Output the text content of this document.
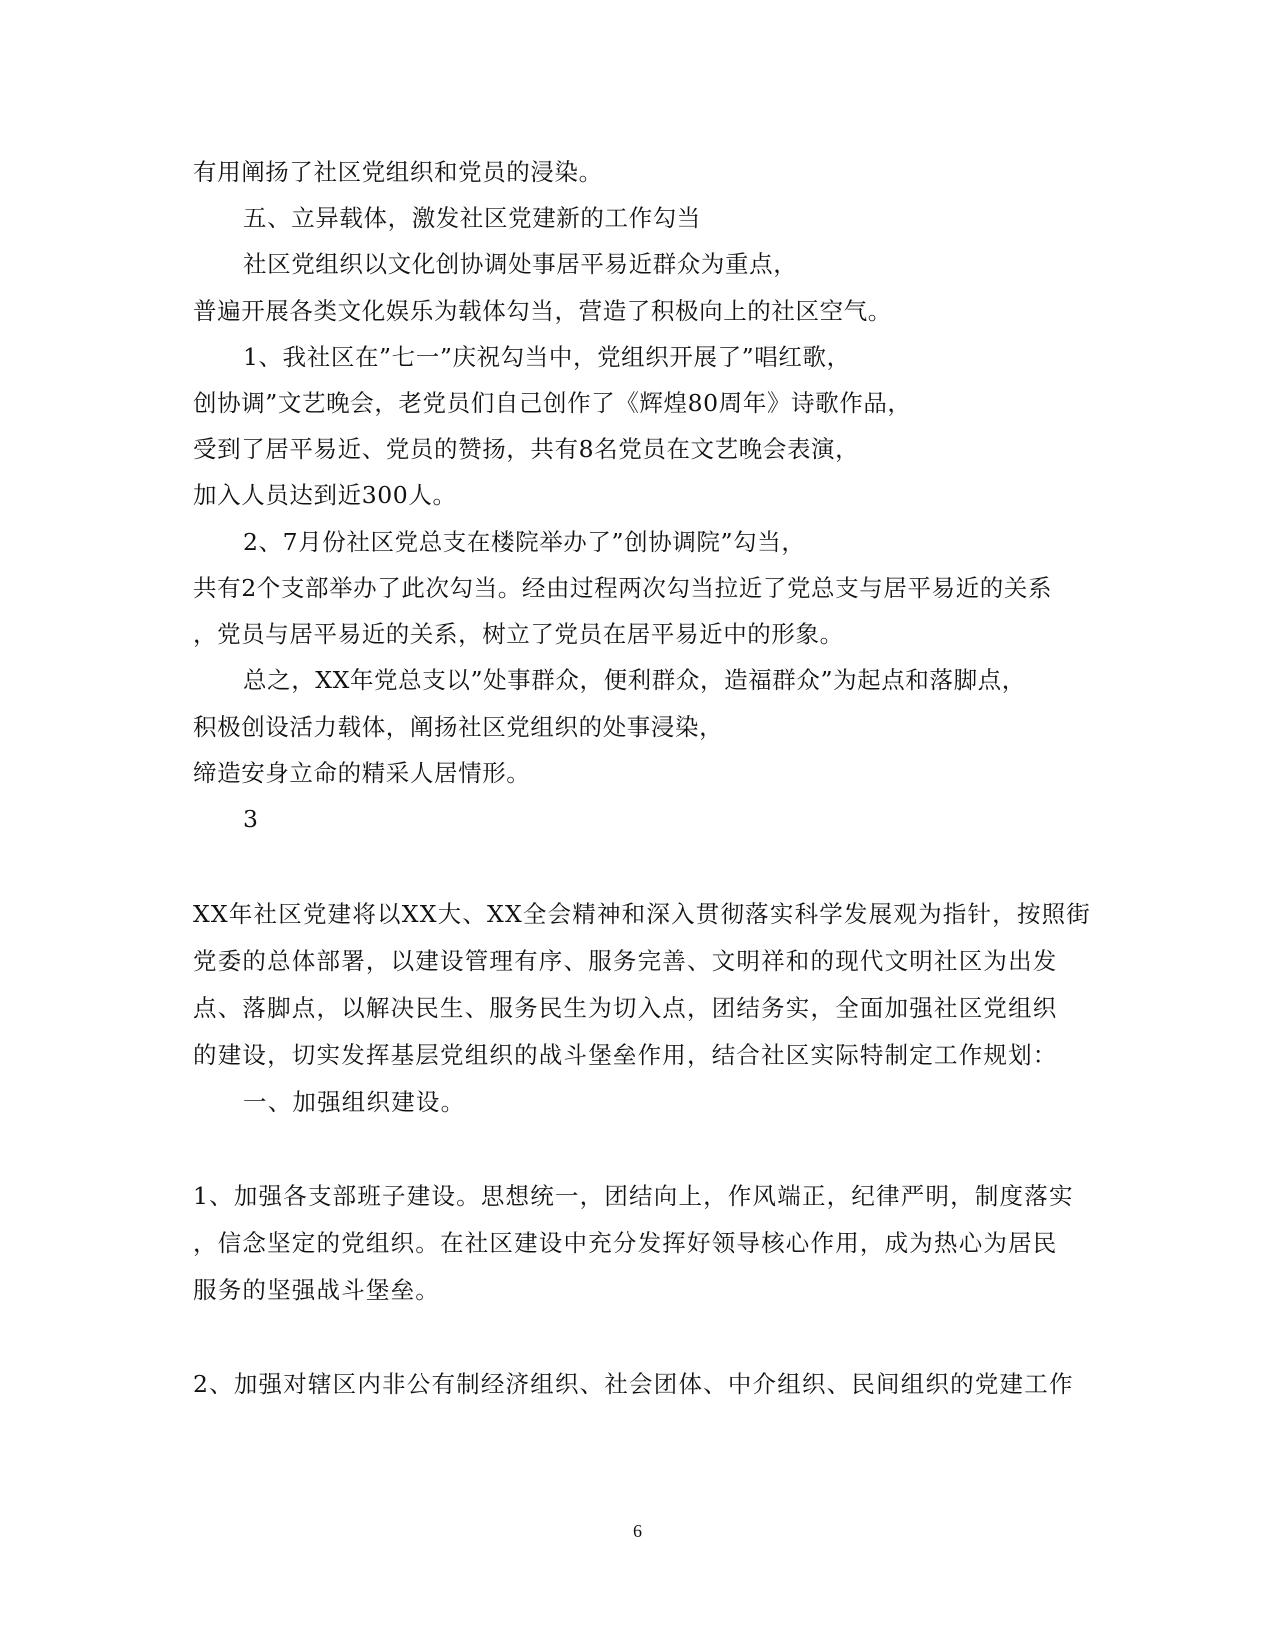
有用阐扬了社区党组织和党员的浸染。
五、立异载体，激发社区党建新的工作勾当
社区党组织以文化创协调处事居平易近群众为重点，
普遍开展各类文化娱乐为载体勾当，营造了积极向上的社区空气。
1、我社区在”七一”庆祝勾当中，党组织开展了”唱红歌，
创协调”文艺晚会，老党员们自己创作了《辉煌80周年》诗歌作品，
受到了居平易近、党员的赞扬，共有8名党员在文艺晚会表演，
加入人员达到近300人。
2、7月份社区党总支在楼院举办了”创协调院”勾当，
共有2个支部举办了此次勾当。经由过程两次勾当拉近了党总支与居平易近的关系
，党员与居平易近的关系，树立了党员在居平易近中的形象。
总之，XX年党总支以”处事群众，便利群众，造福群众”为起点和落脚点，
积极创设活力载体，阐扬社区党组织的处事浸染，
缔造安身立命的精采人居情形。
3
XX年社区党建将以XX大、XX全会精神和深入贯彻落实科学发展观为指针，按照街
党委的总体部署，以建设管理有序、服务完善、文明祥和的现代文明社区为出发
点、落脚点，以解决民生、服务民生为切入点，团结务实，全面加强社区党组织
的建设，切实发挥基层党组织的战斗堡垒作用，结合社区实际特制定工作规划：
一、加强组织建设。
1、加强各支部班子建设。思想统一，团结向上，作风端正，纪律严明，制度落实
，信念坚定的党组织。在社区建设中充分发挥好领导核心作用，成为热心为居民
服务的坚强战斗堡垒。
2、加强对辖区内非公有制经济组织、社会团体、中介组织、民间组织的党建工作
6
